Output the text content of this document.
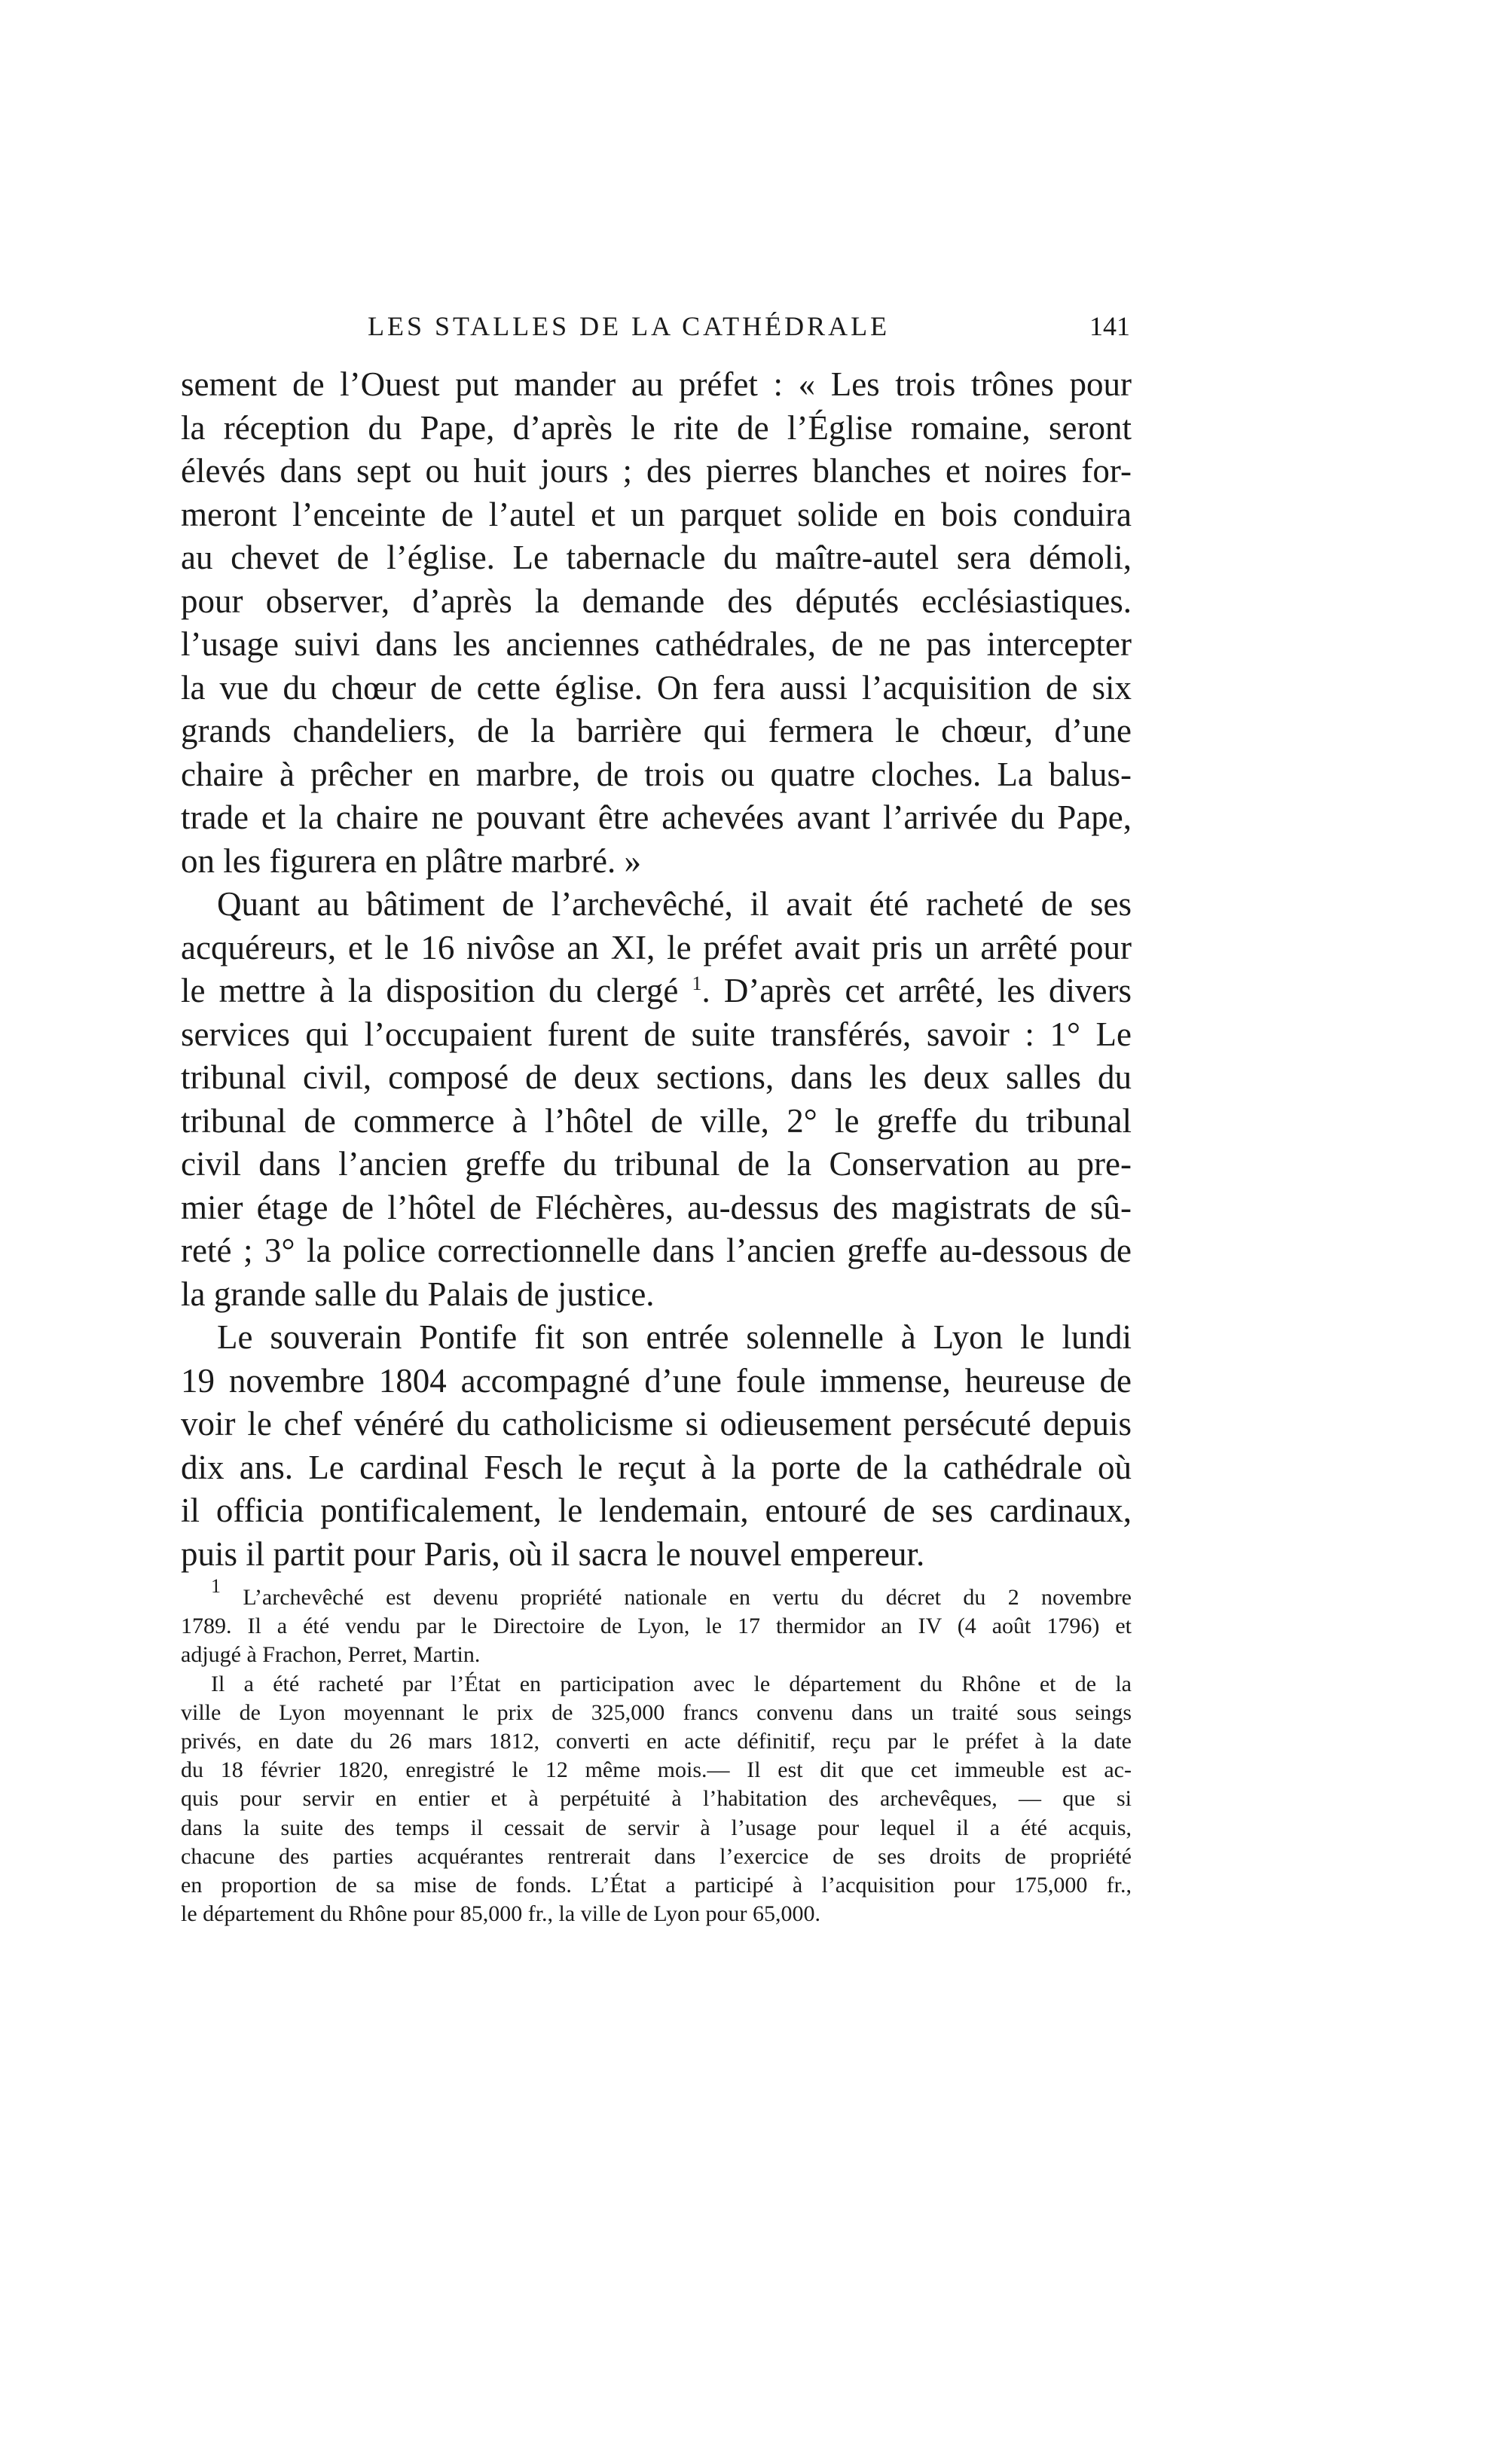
LES STALLES DE LA CATHÉDRALE	141

sement de l’Ouest put mander au préfet : « Les trois trônes pour
la réception du Pape, d’après le rite de l’Église romaine, seront
élevés dans sept ou huit jours ; des pierres blanches et noires for-
meront l’enceinte de l’autel et un parquet solide en bois conduira
au chevet de l’église. Le tabernacle du maître-autel sera démoli,
pour observer, d’après la demande des députés ecclésiastiques.
l’usage suivi dans les anciennes cathédrales, de ne pas intercepter
la vue du chœur de cette église. On fera aussi l’acquisition de six
grands chandeliers, de la barrière qui fermera le chœur, d’une
chaire à prêcher en marbre, de trois ou quatre cloches. La balus-
trade et la chaire ne pouvant être achevées avant l’arrivée du Pape,
on les figurera en plâtre marbré. »

Quant au bâtiment de l’archevêché, il avait été racheté de ses
acquéreurs, et le 16 nivôse an XI, le préfet avait pris un arrêté pour
le mettre à la disposition du clergé $^1$. D’après cet arrêté, les divers
services qui l’occupaient furent de suite transférés, savoir : 1° Le
tribunal civil, composé de deux sections, dans les deux salles du
tribunal de commerce à l’hôtel de ville, 2° le greffe du tribunal
civil dans l’ancien greffe du tribunal de la Conservation au pre-
mier étage de l’hôtel de Fléchères, au-dessus des magistrats de sû-
reté ; 3° la police correctionnelle dans l’ancien greffe au-dessous de
la grande salle du Palais de justice.

Le souverain Pontife fit son entrée solennelle à Lyon le lundi
19 novembre 1804 accompagné d’une foule immense, heureuse de
voir le chef vénéré du catholicisme si odieusement persécuté depuis
dix ans. Le cardinal Fesch le reçut à la porte de la cathédrale où
il officia pontificalement, le lendemain, entouré de ses cardinaux,
puis il partit pour Paris, où il sacra le nouvel empereur.

1 L’archevêché est devenu propriété nationale en vertu du décret du 2 novembre
1789. Il a été vendu par le Directoire de Lyon, le 17 thermidor an IV (4 août 1796) et
adjugé à Frachon, Perret, Martin.
Il a été racheté par l’État en participation avec le département du Rhône et de la
ville de Lyon moyennant le prix de 325,000 francs convenu dans un traité sous seings
privés, en date du 26 mars 1812, converti en acte définitif, reçu par le préfet à la date
du 18 février 1820, enregistré le 12 même mois.— Il est dit que cet immeuble est ac-
quis pour servir en entier et à perpétuité à l’habitation des archevêques, — que si
dans la suite des temps il cessait de servir à l’usage pour lequel il a été acquis,
chacune des parties acquérantes rentrerait dans l’exercice de ses droits de propriété
en proportion de sa mise de fonds. L’État a participé à l’acquisition pour 175,000 fr.,
le département du Rhône pour 85,000 fr., la ville de Lyon pour 65,000.
